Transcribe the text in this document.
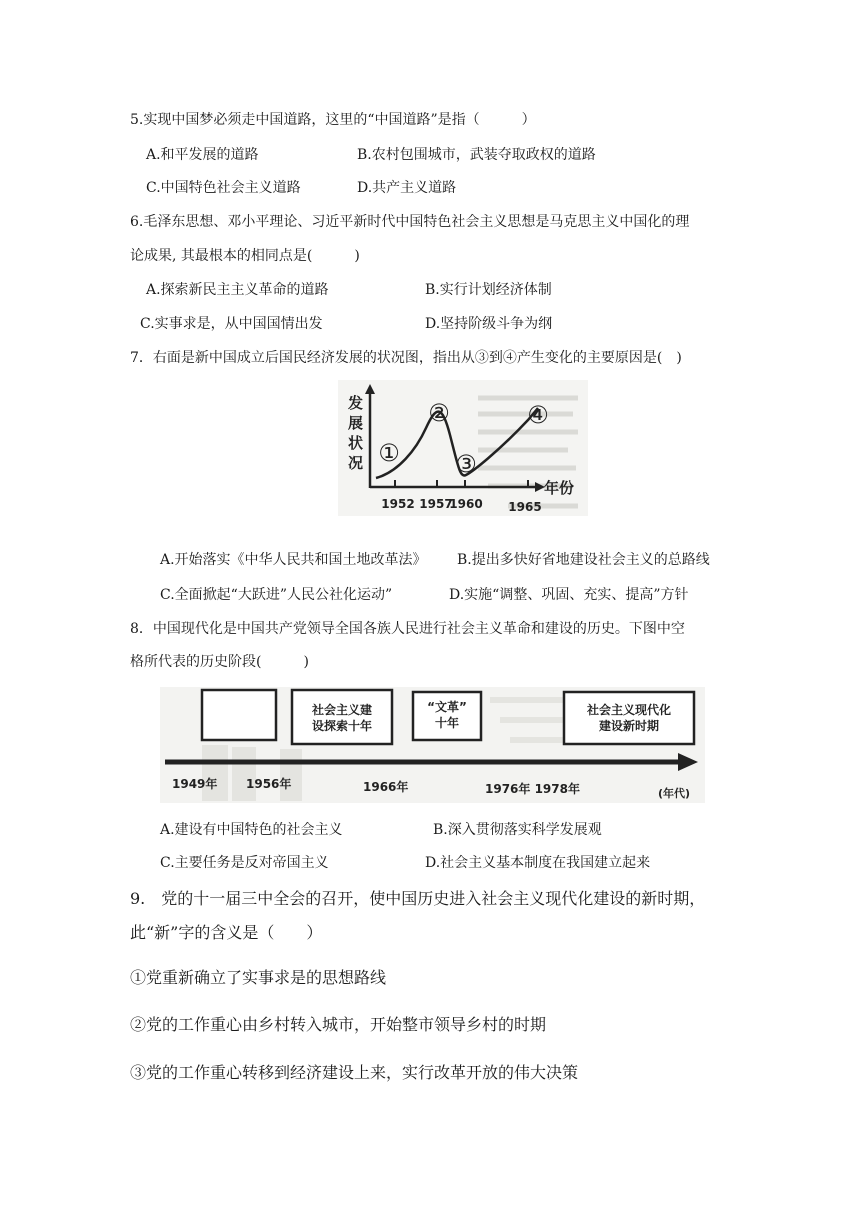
5.实现中国梦必须走中国道路，这里的“中国道路”是指（　　　）
A.和平发展的道路	B.农村包围城市，武装夺取政权的道路
C.中国特色社会主义道路	D.共产主义道路
6.毛泽东思想、邓小平理论、习近平新时代中国特色社会主义思想是马克思主义中国化的理
论成果, 其最根本的相同点是(　　　)
A.探索新民主主义革命的道路	B.实行计划经济体制
C.实事求是，从中国国情出发	D.坚持阶级斗争为纲
7．右面是新中国成立后国民经济发展的状况图，指出从③到④产生变化的主要原因是(　)
发
展
状
况
年份
1952 1957
1960 1965
①
②
③
④
A.开始落实《中华人民共和国土地改革法》 B.提出多快好省地建设社会主义的总路线
C.全面掀起“大跃进”人民公社化运动”	D.实施“调整、巩固、充实、提高”方针
8．中国现代化是中国共产党领导全国各族人民进行社会主义革命和建设的历史。下图中空
格所代表的历史阶段(　　　)
社会主义建
设探索十年
“文革”
十年
社会主义现代化
建设新时期
1949年 1956年	1966年	1976年 1978年	(年代)
A.建设有中国特色的社会主义	B.深入贯彻落实科学发展观
C.主要任务是反对帝国主义	D.社会主义基本制度在我国建立起来
9.　党的十一届三中全会的召开，使中国历史进入社会主义现代化建设的新时期，
此“新”字的含义是（　　）
①党重新确立了实事求是的思想路线
②党的工作重心由乡村转入城市，开始整市领导乡村的时期
③党的工作重心转移到经济建设上来，实行改革开放的伟大决策
